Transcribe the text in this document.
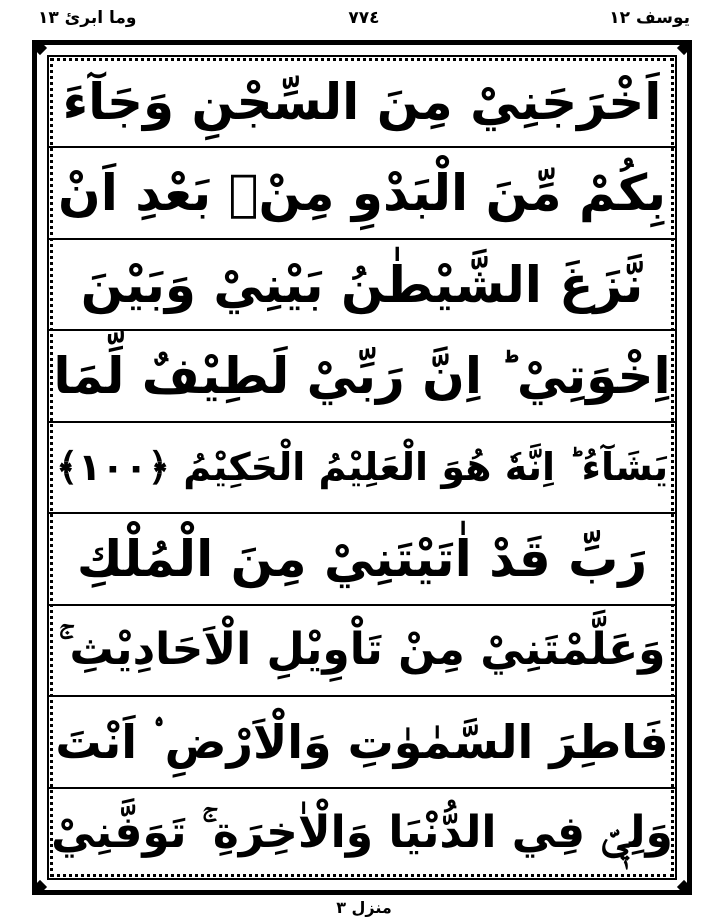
يوسف ١٢
٧٧٤
وما ابرئ ١٣
اَخْرَجَنِيْ مِنَ السِّجْنِ وَجَآءَ
بِكُمْ مِّنَ الْبَدْوِ مِنْۢ بَعْدِ اَنْ
نَّزَغَ الشَّيْطٰنُ بَيْنِيْ وَبَيْنَ
اِخْوَتِيْ ؕ اِنَّ رَبِّيْ لَطِيْفٌ لِّمَا
يَشَآءُ ؕ اِنَّهٗ هُوَ الْعَلِيْمُ الْحَكِيْمُ ﴿۱۰۰﴾
رَبِّ قَدْ اٰتَيْتَنِيْ مِنَ الْمُلْكِ
وَعَلَّمْتَنِيْ مِنْ تَاْوِيْلِ الْاَحَادِيْثِ ۚ
فَاطِرَ السَّمٰوٰتِ وَالْاَرْضِ ۟ اَنْتَ
وَلِيّٖ فِي الدُّنْيَا وَالْاٰخِرَةِ ۚ تَوَفَّنِيْ
منزل ٣
